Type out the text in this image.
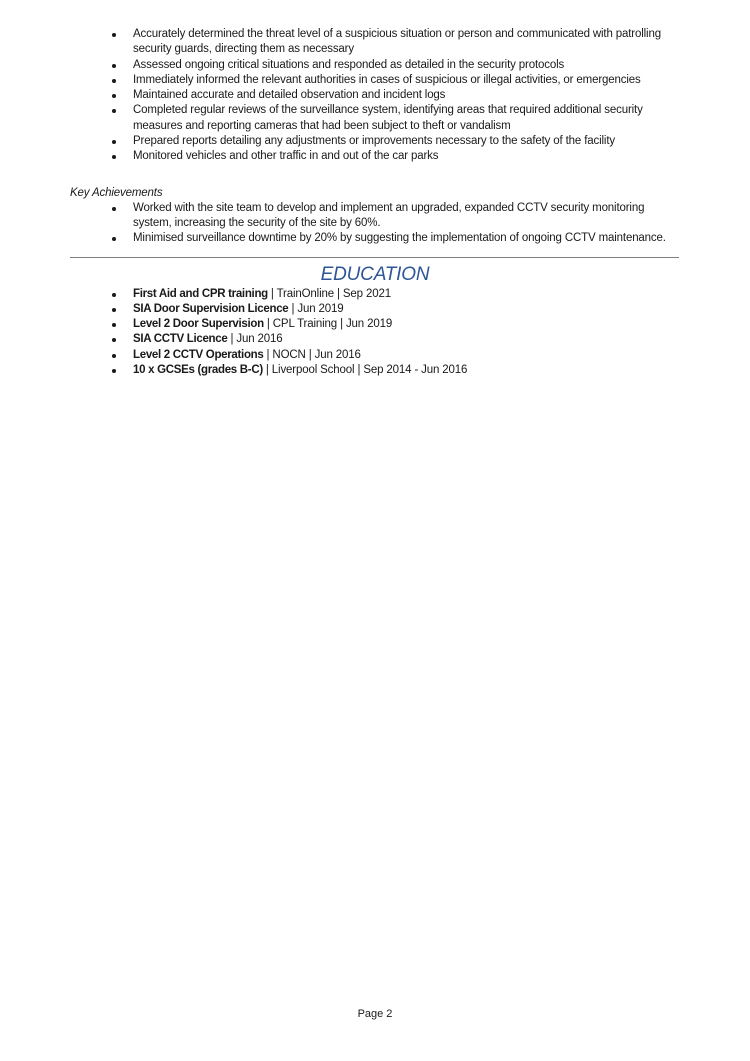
Accurately determined the threat level of a suspicious situation or person and communicated with patrolling security guards, directing them as necessary
Assessed ongoing critical situations and responded as detailed in the security protocols
Immediately informed the relevant authorities in cases of suspicious or illegal activities, or emergencies
Maintained accurate and detailed observation and incident logs
Completed regular reviews of the surveillance system, identifying areas that required additional security measures and reporting cameras that had been subject to theft or vandalism
Prepared reports detailing any adjustments or improvements necessary to the safety of the facility
Monitored vehicles and other traffic in and out of the car parks
Key Achievements
Worked with the site team to develop and implement an upgraded, expanded CCTV security monitoring system, increasing the security of the site by 60%.
Minimised surveillance downtime by 20% by suggesting the implementation of ongoing CCTV maintenance.
EDUCATION
First Aid and CPR training | TrainOnline | Sep 2021
SIA Door Supervision Licence | Jun 2019
Level 2 Door Supervision | CPL Training | Jun 2019
SIA CCTV Licence | Jun 2016
Level 2 CCTV Operations | NOCN | Jun 2016
10 x GCSEs (grades B-C) | Liverpool School | Sep 2014 - Jun 2016
Page 2
